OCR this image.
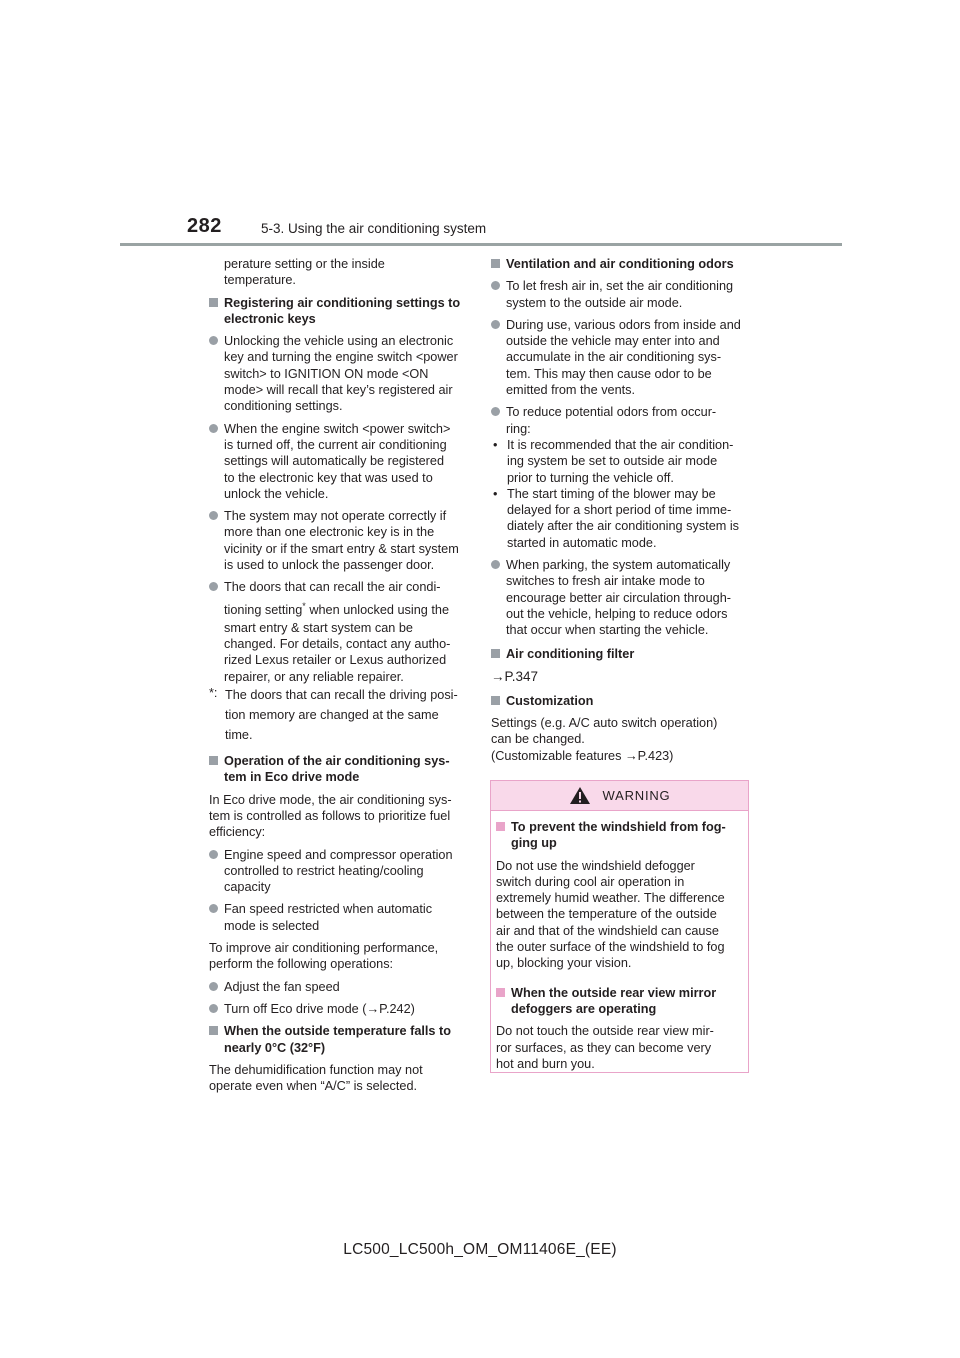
282	5-3. Using the air conditioning system

perature setting or the inside

temperature.

Registering air conditioning settings to

electronic keys

Unlocking the vehicle using an electronic

key and turning the engine switch <power

switch> to IGNITION ON mode <ON

mode> will recall that key’s registered air

conditioning settings.

When the engine switch <power switch>

is turned off, the current air conditioning

settings will automatically be registered

to the electronic key that was used to

unlock the vehicle.

The system may not operate correctly if

more than one electronic key is in the

vicinity or if the smart entry & start system

is used to unlock the passenger door.

The doors that can recall the air condi-

tioning setting* when unlocked using the

smart entry & start system can be

changed. For details, contact any autho-

rized Lexus retailer or Lexus authorized

repairer, or any reliable repairer.

*: The doors that can recall the driving posi-

tion memory are changed at the same

time.

Operation of the air conditioning sys-

tem in Eco drive mode

In Eco drive mode, the air conditioning sys-

tem is controlled as follows to prioritize fuel

efficiency:

Engine speed and compressor operation

controlled to restrict heating/cooling

capacity

Fan speed restricted when automatic

mode is selected

To improve air conditioning performance,

perform the following operations:

Adjust the fan speed

Turn off Eco drive mode (→P.242)

When the outside temperature falls to

nearly 0°C (32°F)

The dehumidification function may not

operate even when “A/C” is selected.

Ventilation and air conditioning odors

To let fresh air in, set the air conditioning

system to the outside air mode.

During use, various odors from inside and

outside the vehicle may enter into and

accumulate in the air conditioning sys-

tem. This may then cause odor to be

emitted from the vents.

To reduce potential odors from occur-

ring:

• It is recommended that the air condition-

ing system be set to outside air mode

prior to turning the vehicle off.

• The start timing of the blower may be

delayed for a short period of time imme-

diately after the air conditioning system is

started in automatic mode.

When parking, the system automatically

switches to fresh air intake mode to

encourage better air circulation through-

out the vehicle, helping to reduce odors

that occur when starting the vehicle.

Air conditioning filter

→P.347

Customization

Settings (e.g. A/C auto switch operation)

can be changed.

(Customizable features →P.423)

WARNING

To prevent the windshield from fog-

ging up

Do not use the windshield defogger

switch during cool air operation in

extremely humid weather. The difference

between the temperature of the outside

air and that of the windshield can cause

the outer surface of the windshield to fog

up, blocking your vision.

When the outside rear view mirror

defoggers are operating

Do not touch the outside rear view mir-

ror surfaces, as they can become very

hot and burn you.

LC500_LC500h_OM_OM11406E_(EE)
